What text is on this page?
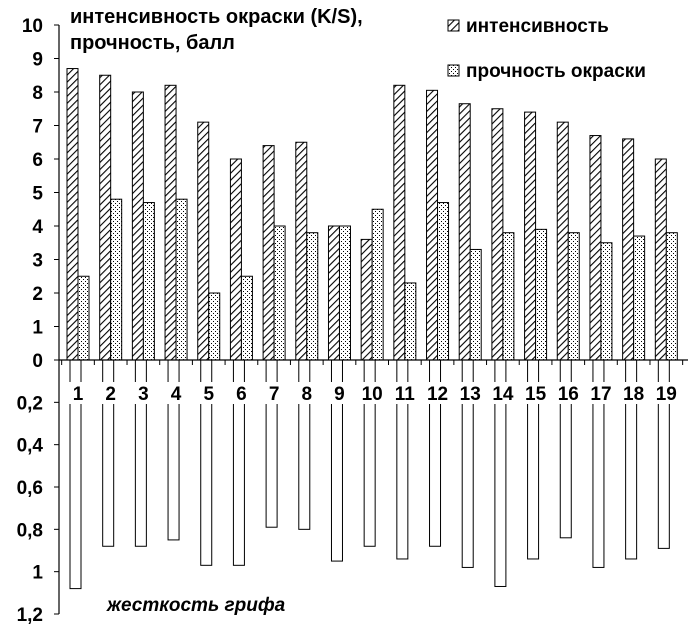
интенсивность окраски (K/S),
прочность, балл
интенсивность
прочность окраски
0
1
2
3
4
5
6
7
8
9
10
0,2
0,4
0,6
0,8
1
1,2
1 2 3 4 5 6 7 8 9 10 11 12 13 14 15 16 17 18 19
жесткость грифа
